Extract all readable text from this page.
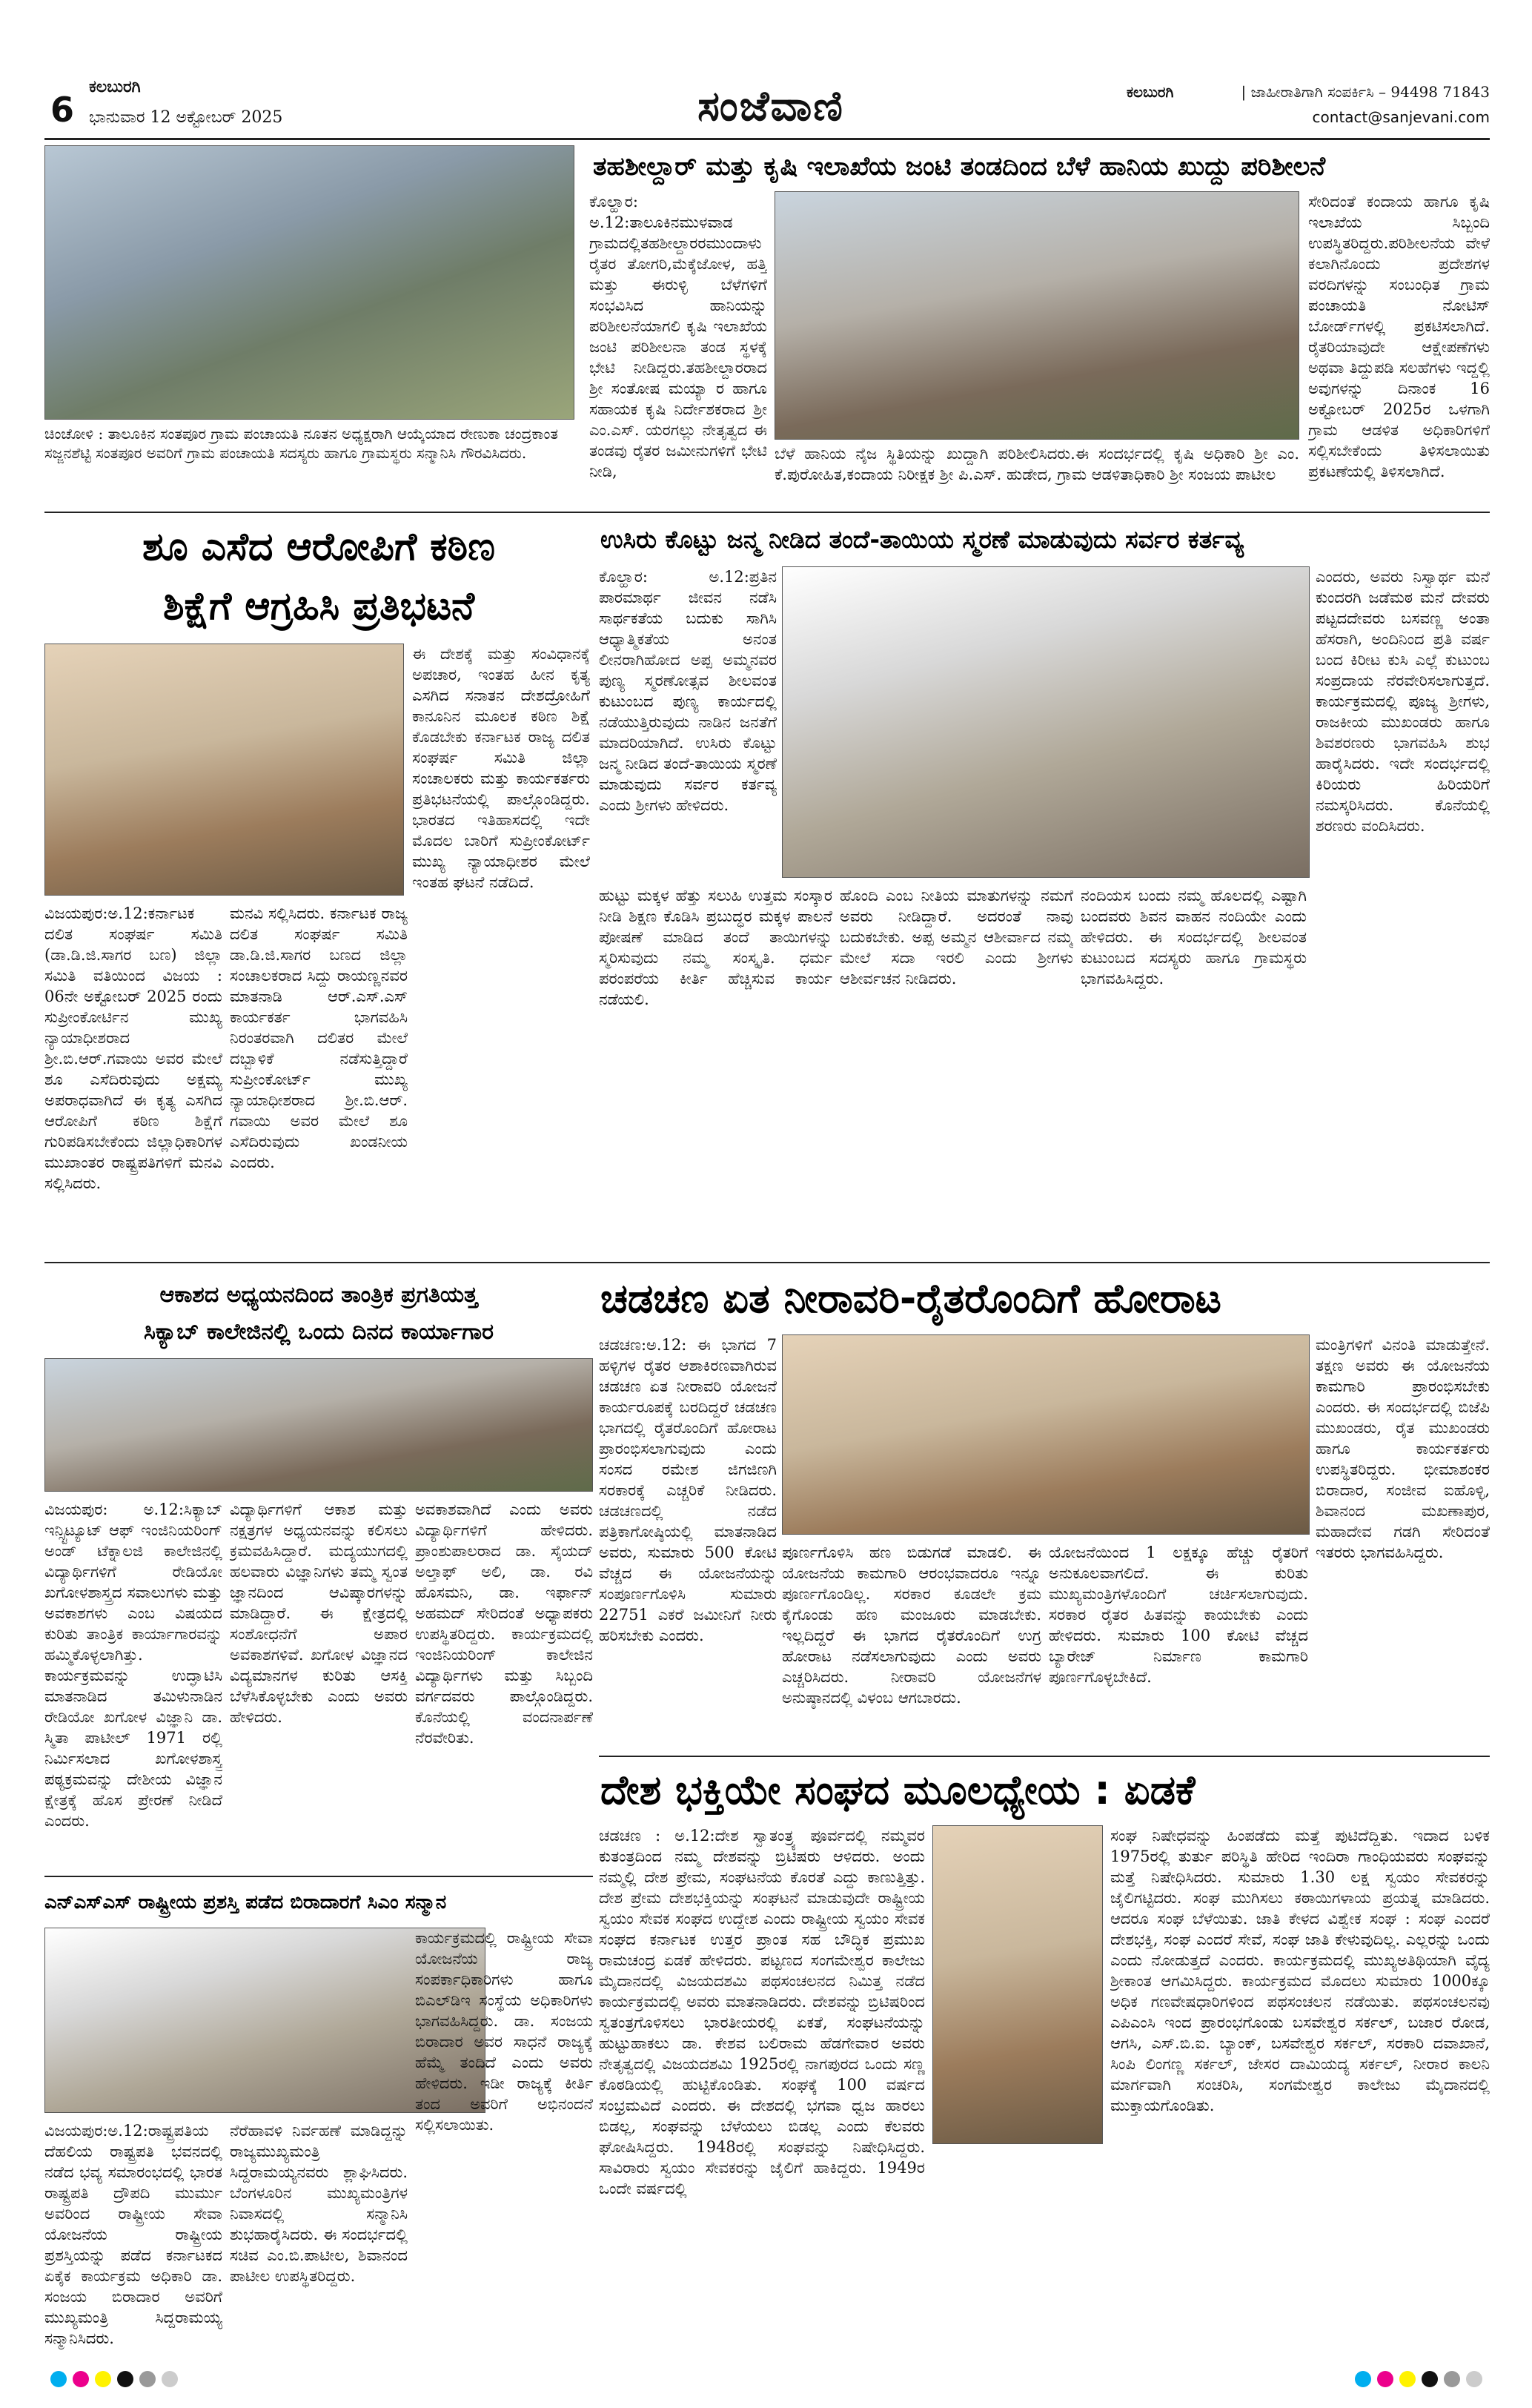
6
ಕಲಬುರಗಿ
ಭಾನುವಾರ 12 ಅಕ್ಟೋಬರ್ 2025	ಸಂಜೆವಾಣಿ	ಕಲಬುರಗಿ	| ಜಾಹೀರಾತಿಗಾಗಿ ಸಂಪರ್ಕಿಸಿ – 94498 71843
contact@sanjevani.com
ಚಿಂಚೋಳಿ : ತಾಲೂಕಿನ ಸಂತಪೂರ ಗ್ರಾಮ ಪಂಚಾಯತಿ ನೂತನ ಅಧ್ಯಕ್ಷರಾಗಿ ಆಯ್ಕೆಯಾದ ರೇಣುಕಾ ಚಂದ್ರಕಾಂತ ಸಜ್ಜನಶೆಟ್ಟಿ ಸಂತಪೂರ ಅವರಿಗೆ ಗ್ರಾಮ ಪಂಚಾಯತಿ ಸದಸ್ಯರು ಹಾಗೂ ಗ್ರಾಮಸ್ಥರು ಸನ್ಮಾನಿಸಿ ಗೌರವಿಸಿದರು.
ತಹಶೀಲ್ದಾರ್ ಮತ್ತು ಕೃಷಿ ಇಲಾಖೆಯ ಜಂಟಿ ತಂಡದಿಂದ ಬೆಳೆ ಹಾನಿಯ ಖುದ್ದು ಪರಿಶೀಲನೆ
ಕೊಲ್ಹಾರ: ಅ.12:ತಾಲೂಕಿನಮುಳವಾಡ ಗ್ರಾಮದಲ್ಲಿತಹಶೀಲ್ದಾರರಮುಂದಾಳು ರೈತರ ತೋಗರಿ,ಮೆಕ್ಕೆಜೋಳ, ಹತ್ತಿ ಮತ್ತು ಈರುಳ್ಳಿ ಬೆಳೆಗಳಿಗೆ ಸಂಭವಿಸಿದ ಹಾನಿಯನ್ನು ಪರಿಶೀಲನೆಯಾಗಲಿ ಕೃಷಿ ಇಲಾಖೆಯ ಜಂಟಿ ಪರಿಶೀಲನಾ ತಂಡ ಸ್ಥಳಕ್ಕೆ ಭೇಟಿ ನೀಡಿದ್ದರು.ತಹಶೀಲ್ದಾರರಾದ ಶ್ರೀ ಸಂತೋಷ ಮಯ್ಯಾ ರ ಹಾಗೂ ಸಹಾಯಕ ಕೃಷಿ ನಿರ್ದೇಶಕರಾದ ಶ್ರೀ ಎಂ.ಎಸ್. ಯರಗಲ್ಲು ನೇತೃತ್ವದ ಈ ತಂಡವು ರೈತರ ಜಮೀನುಗಳಿಗೆ ಭೇಟಿ ನೀಡಿ,
ಬೆಳೆ ಹಾನಿಯ ನೈಜ ಸ್ಥಿತಿಯನ್ನು ಖುದ್ದಾಗಿ ಪರಿಶೀಲಿಸಿದರು.ಈ ಸಂದರ್ಭದಲ್ಲಿ ಕೃಷಿ ಅಧಿಕಾರಿ ಶ್ರೀ ಎಂ. ಕೆ.ಪುರೋಹಿತ,ಕಂದಾಯ ನಿರೀಕ್ಷಕ ಶ್ರೀ ಪಿ.ಎಸ್. ಹುಡೇದ, ಗ್ರಾಮ ಆಡಳಿತಾಧಿಕಾರಿ ಶ್ರೀ ಸಂಜಯ ಪಾಟೀಲ
ಸೇರಿದಂತೆ ಕಂದಾಯ ಹಾಗೂ ಕೃಷಿ ಇಲಾಖೆಯ ಸಿಬ್ಬಂದಿ ಉಪಸ್ಥಿತರಿದ್ದರು.ಪರಿಶೀಲನೆಯ ವೇಳೆ ಕಲಾಗಿನೊಂದು ಪ್ರದೇಶಗಳ ವರದಿಗಳನ್ನು ಸಂಬಂಧಿತ ಗ್ರಾಮ ಪಂಚಾಯತಿ ನೋಟಿಸ್ ಬೋರ್ಡ್‌ಗಳಲ್ಲಿ ಪ್ರಕಟಿಸಲಾಗಿದೆ. ರೈತರಿಯಾವುದೇ ಆಕ್ಷೇಪಣೆಗಳು ಅಥವಾ ತಿದ್ದುಪಡಿ ಸಲಹೆಗಳು ಇದ್ದಲ್ಲಿ ಅವುಗಳನ್ನು ದಿನಾಂಕ 16 ಅಕ್ಟೋಬರ್ 2025ರ ಒಳಗಾಗಿ ಗ್ರಾಮ ಆಡಳಿತ ಅಧಿಕಾರಿಗಳಿಗೆ ಸಲ್ಲಿಸಬೇಕೆಂದು ತಿಳಿಸಲಾಯಿತು ಪ್ರಕಟಣೆಯಲ್ಲಿ ತಿಳಿಸಲಾಗಿದೆ.
ಶೂ ಎಸೆದ ಆರೋಪಿಗೆ ಕಠಿಣ
ಶಿಕ್ಷೆಗೆ ಆಗ್ರಹಿಸಿ ಪ್ರತಿಭಟನೆ
ವಿಜಯಪುರ:ಅ.12:ಕರ್ನಾಟಕ ದಲಿತ ಸಂಘರ್ಷ ಸಮಿತಿ (ಡಾ.ಡಿ.ಜಿ.ಸಾಗರ ಬಣ) ಜಿಲ್ಲಾ ಸಮಿತಿ ವತಿಯಿಂದ ವಿಜಯ : 06ನೇ ಅಕ್ಟೋಬರ್ 2025 ರಂದು ಸುಪ್ರೀಂಕೋರ್ಟಿನ ಮುಖ್ಯ ನ್ಯಾಯಾಧೀಶರಾದ ಶ್ರೀ.ಬಿ.ಆರ್.ಗವಾಯಿ ಅವರ ಮೇಲೆ ಶೂ ಎಸೆದಿರುವುದು ಅಕ್ಷಮ್ಯ ಅಪರಾಧವಾಗಿದೆ ಈ ಕೃತ್ಯ ಎಸಗಿದ ಆರೋಪಿಗೆ ಕಠಿಣ ಶಿಕ್ಷೆಗೆ ಗುರಿಪಡಿಸಬೇಕೆಂದು ಜಿಲ್ಲಾಧಿಕಾರಿಗಳ ಮುಖಾಂತರ ರಾಷ್ಟ್ರಪತಿಗಳಿಗೆ ಮನವಿ ಸಲ್ಲಿಸಿದರು.
ಮನವಿ ಸಲ್ಲಿಸಿದರು. ಕರ್ನಾಟಕ ರಾಜ್ಯ ದಲಿತ ಸಂಘರ್ಷ ಸಮಿತಿ ಡಾ.ಡಿ.ಜಿ.ಸಾಗರ ಬಣದ ಜಿಲ್ಲಾ ಸಂಚಾಲಕರಾದ ಸಿದ್ದು ರಾಯಣ್ಣನವರ ಮಾತನಾಡಿ ಆರ್.ಎಸ್.ಎಸ್ ಕಾರ್ಯಕರ್ತ ಭಾಗವಹಿಸಿ ನಿರಂತರವಾಗಿ ದಲಿತರ ಮೇಲೆ ದಬ್ಬಾಳಿಕೆ ನಡೆಸುತ್ತಿದ್ದಾರೆ ಸುಪ್ರೀಂಕೋರ್ಟ್ ಮುಖ್ಯ ನ್ಯಾಯಾಧೀಶರಾದ ಶ್ರೀ.ಬಿ.ಆರ್. ಗವಾಯಿ ಅವರ ಮೇಲೆ ಶೂ ಎಸೆದಿರುವುದು ಖಂಡನೀಯ ಎಂದರು.
ಈ ದೇಶಕ್ಕೆ ಮತ್ತು ಸಂವಿಧಾನಕ್ಕೆ ಅಪಚಾರ, ಇಂತಹ ಹೀನ ಕೃತ್ಯ ಎಸಗಿದ ಸನಾತನ ದೇಶದ್ರೋಹಿಗೆ ಕಾನೂನಿನ ಮೂಲಕ ಕಠಿಣ ಶಿಕ್ಷೆ ಕೊಡಬೇಕು ಕರ್ನಾಟಕ ರಾಜ್ಯ ದಲಿತ ಸಂಘರ್ಷ ಸಮಿತಿ ಜಿಲ್ಲಾ ಸಂಚಾಲಕರು ಮತ್ತು ಕಾರ್ಯಕರ್ತರು ಪ್ರತಿಭಟನೆಯಲ್ಲಿ ಪಾಲ್ಗೊಂಡಿದ್ದರು. ಭಾರತದ ಇತಿಹಾಸದಲ್ಲಿ ಇದೇ ಮೊದಲ ಬಾರಿಗೆ ಸುಪ್ರೀಂಕೋರ್ಟ್ ಮುಖ್ಯ ನ್ಯಾಯಾಧೀಶರ ಮೇಲೆ ಇಂತಹ ಘಟನೆ ನಡೆದಿದೆ.
ಉಸಿರು ಕೊಟ್ಟು ಜನ್ಮ ನೀಡಿದ ತಂದೆ-ತಾಯಿಯ ಸ್ಮರಣೆ ಮಾಡುವುದು ಸರ್ವರ ಕರ್ತವ್ಯ
ಕೊಲ್ಹಾರ: ಅ.12:ಪ್ರತಿನ ಪಾರಮಾರ್ಥ ಜೀವನ ನಡೆಸಿ ಸಾರ್ಥಕತೆಯ ಬದುಕು ಸಾಗಿಸಿ ಆಧ್ಯಾತ್ಮಿಕತೆಯ ಅನಂತ ಲೀನರಾಗಿಹೋದ ಅಪ್ಪ ಅಮ್ಮನವರ ಪುಣ್ಯ ಸ್ಮರಣೋತ್ಸವ ಶೀಲವಂತ ಕುಟುಂಬದ ಪುಣ್ಯ ಕಾರ್ಯದಲ್ಲಿ ನಡೆಯುತ್ತಿರುವುದು ನಾಡಿನ ಜನತೆಗೆ ಮಾದರಿಯಾಗಿದೆ. ಉಸಿರು ಕೊಟ್ಟು ಜನ್ಮ ನೀಡಿದ ತಂದೆ-ತಾಯಿಯ ಸ್ಮರಣೆ ಮಾಡುವುದು ಸರ್ವರ ಕರ್ತವ್ಯ ಎಂದು ಶ್ರೀಗಳು ಹೇಳಿದರು.
ಹುಟ್ಟು ಮಕ್ಕಳ ಹೆತ್ತು ಸಲುಹಿ ಉತ್ತಮ ಸಂಸ್ಕಾರ ನೀಡಿ ಶಿಕ್ಷಣ ಕೊಡಿಸಿ ಪ್ರಬುದ್ಧರ ಮಕ್ಕಳ ಪಾಲನೆ ಪೋಷಣೆ ಮಾಡಿದ ತಂದೆ ತಾಯಿಗಳನ್ನು ಸ್ಮರಿಸುವುದು ನಮ್ಮ ಸಂಸ್ಕೃತಿ. ಧರ್ಮ ಪರಂಪರೆಯ ಕೀರ್ತಿ ಹೆಚ್ಚಿಸುವ ಕಾರ್ಯ ನಡೆಯಲಿ.
ಹೊಂದಿ ಎಂಬ ನೀತಿಯ ಮಾತುಗಳನ್ನು ನಮಗೆ ಅವರು ನೀಡಿದ್ದಾರೆ. ಅದರಂತೆ ನಾವು ಬದುಕಬೇಕು. ಅಪ್ಪ ಅಮ್ಮನ ಆಶೀರ್ವಾದ ನಮ್ಮ ಮೇಲೆ ಸದಾ ಇರಲಿ ಎಂದು ಶ್ರೀಗಳು ಆಶೀರ್ವಚನ ನೀಡಿದರು.
ನಂದಿಯಸ ಬಂದು ನಮ್ಮ ಹೊಲದಲ್ಲಿ ಎಷ್ಟಾಗಿ ಬಂದವರು ಶಿವನ ವಾಹನ ನಂದಿಯೇ ಎಂದು ಹೇಳಿದರು. ಈ ಸಂದರ್ಭದಲ್ಲಿ ಶೀಲವಂತ ಕುಟುಂಬದ ಸದಸ್ಯರು ಹಾಗೂ ಗ್ರಾಮಸ್ಥರು ಭಾಗವಹಿಸಿದ್ದರು.
ಎಂದರು, ಅವರು ನಿಸ್ವಾರ್ಥ ಮನೆ ಕುಂದರಗಿ ಜಡೆಮಠ ಮನೆ ದೇವರು ಪಟ್ಟದದೇವರು ಬಸವಣ್ಣ ಅಂತಾ ಹೆಸರಾಗಿ, ಅಂದಿನಿಂದ ಪ್ರತಿ ವರ್ಷ ಬಂದ ಕಿರೀಟ ಕುಸಿ ಎಲ್ಲೆ ಕುಟುಂಬ ಸಂಪ್ರದಾಯ ನೆರವೇರಿಸಲಾಗುತ್ತದೆ. ಕಾರ್ಯಕ್ರಮದಲ್ಲಿ ಪೂಜ್ಯ ಶ್ರೀಗಳು, ರಾಜಕೀಯ ಮುಖಂಡರು ಹಾಗೂ ಶಿವಶರಣರು ಭಾಗವಹಿಸಿ ಶುಭ ಹಾರೈಸಿದರು. ಇದೇ ಸಂದರ್ಭದಲ್ಲಿ ಕಿರಿಯರು ಹಿರಿಯರಿಗೆ ನಮಸ್ಕರಿಸಿದರು. ಕೊನೆಯಲ್ಲಿ ಶರಣರು ವಂದಿಸಿದರು.
ಆಕಾಶದ ಅಧ್ಯಯನದಿಂದ ತಾಂತ್ರಿಕ ಪ್ರಗತಿಯತ್ತ
ಸಿಕ್ಯಾಬ್ ಕಾಲೇಜಿನಲ್ಲಿ ಒಂದು ದಿನದ ಕಾರ್ಯಾಗಾರ
ವಿಜಯಪುರ: ಅ.12:ಸಿಕ್ಯಾಬ್ ಇನ್ಸ್ಟಿಟ್ಯೂಟ್ ಆಫ್ ಇಂಜಿನಿಯರಿಂಗ್ ಅಂಡ್ ಟೆಕ್ನಾಲಜಿ ಕಾಲೇಜಿನಲ್ಲಿ ವಿದ್ಯಾರ್ಥಿಗಳಿಗೆ ರೇಡಿಯೋ ಖಗೋಳಶಾಸ್ತ್ರದ ಸವಾಲುಗಳು ಮತ್ತು ಅವಕಾಶಗಳು ಎಂಬ ವಿಷಯದ ಕುರಿತು ತಾಂತ್ರಿಕ ಕಾರ್ಯಾಗಾರವನ್ನು ಹಮ್ಮಿಕೊಳ್ಳಲಾಗಿತ್ತು. ಕಾರ್ಯಕ್ರಮವನ್ನು ಉದ್ಘಾಟಿಸಿ ಮಾತನಾಡಿದ ತಮಿಳುನಾಡಿನ ರೇಡಿಯೋ ಖಗೋಳ ವಿಜ್ಞಾನಿ ಡಾ. ಸ್ಮಿತಾ ಪಾಟೀಲ್ 1971 ರಲ್ಲಿ ನಿರ್ಮಿಸಲಾದ ಖಗೋಳಶಾಸ್ತ್ರ ಪಠ್ಯಕ್ರಮವನ್ನು ದೇಶೀಯ ವಿಜ್ಞಾನ ಕ್ಷೇತ್ರಕ್ಕೆ ಹೊಸ ಪ್ರೇರಣೆ ನೀಡಿದೆ ಎಂದರು.
ವಿದ್ಯಾರ್ಥಿಗಳಿಗೆ ಆಕಾಶ ಮತ್ತು ನಕ್ಷತ್ರಗಳ ಅಧ್ಯಯನವನ್ನು ಕಲಿಸಲು ಕ್ರಮವಹಿಸಿದ್ದಾರೆ. ಮದ್ಯಯುಗದಲ್ಲಿ ಹಲವಾರು ವಿಜ್ಞಾನಿಗಳು ತಮ್ಮ ಸ್ವಂತ ಜ್ಞಾನದಿಂದ ಆವಿಷ್ಕಾರಗಳನ್ನು ಮಾಡಿದ್ದಾರೆ. ಈ ಕ್ಷೇತ್ರದಲ್ಲಿ ಸಂಶೋಧನೆಗೆ ಅಪಾರ ಅವಕಾಶಗಳಿವೆ. ಖಗೋಳ ವಿಜ್ಞಾನದ ವಿದ್ಯಮಾನಗಳ ಕುರಿತು ಆಸಕ್ತಿ ಬೆಳೆಸಿಕೊಳ್ಳಬೇಕು ಎಂದು ಅವರು ಹೇಳಿದರು.
ಅವಕಾಶವಾಗಿದೆ ಎಂದು ಅವರು ವಿದ್ಯಾರ್ಥಿಗಳಿಗೆ ಹೇಳಿದರು. ಪ್ರಾಂಶುಪಾಲರಾದ ಡಾ. ಸೈಯದ್ ಅಲ್ತಾಫ್ ಅಲಿ, ಡಾ. ರವಿ ಹೊಸಮನಿ, ಡಾ. ಇರ್ಫಾನ್ ಅಹಮದ್ ಸೇರಿದಂತೆ ಅಧ್ಯಾಪಕರು ಉಪಸ್ಥಿತರಿದ್ದರು. ಕಾರ್ಯಕ್ರಮದಲ್ಲಿ ಇಂಜಿನಿಯರಿಂಗ್ ಕಾಲೇಜಿನ ವಿದ್ಯಾರ್ಥಿಗಳು ಮತ್ತು ಸಿಬ್ಬಂದಿ ವರ್ಗದವರು ಪಾಲ್ಗೊಂಡಿದ್ದರು. ಕೊನೆಯಲ್ಲಿ ವಂದನಾರ್ಪಣೆ ನೆರವೇರಿತು.
ಚಡಚಣ ಏತ ನೀರಾವರಿ-ರೈತರೊಂದಿಗೆ ಹೋರಾಟ
ಚಡಚಣ:ಅ.12: ಈ ಭಾಗದ 7 ಹಳ್ಳಿಗಳ ರೈತರ ಆಶಾಕಿರಣವಾಗಿರುವ ಚಡಚಣ ಏತ ನೀರಾವರಿ ಯೋಜನೆ ಕಾರ್ಯರೂಪಕ್ಕೆ ಬರದಿದ್ದರೆ ಚಡಚಣ ಭಾಗದಲ್ಲಿ ರೈತರೊಂದಿಗೆ ಹೋರಾಟ ಪ್ರಾರಂಭಿಸಲಾಗುವುದು ಎಂದು ಸಂಸದ ರಮೇಶ ಜಿಗಜಿಣಗಿ ಸರಕಾರಕ್ಕೆ ಎಚ್ಚರಿಕೆ ನೀಡಿದರು. ಚಡಚಣದಲ್ಲಿ ನಡೆದ ಪತ್ರಿಕಾಗೋಷ್ಠಿಯಲ್ಲಿ ಮಾತನಾಡಿದ ಅವರು, ಸುಮಾರು 500 ಕೋಟಿ ವೆಚ್ಚದ ಈ ಯೋಜನೆಯನ್ನು ಸಂಪೂರ್ಣಗೊಳಿಸಿ ಸುಮಾರು 22751 ಎಕರೆ ಜಮೀನಿಗೆ ನೀರು ಹರಿಸಬೇಕು ಎಂದರು.
ಪೂರ್ಣಗೊಳಿಸಿ ಹಣ ಬಿಡುಗಡೆ ಮಾಡಲಿ. ಈ ಯೋಜನೆಯ ಕಾಮಗಾರಿ ಆರಂಭವಾದರೂ ಇನ್ನೂ ಪೂರ್ಣಗೊಂಡಿಲ್ಲ. ಸರಕಾರ ಕೂಡಲೇ ಕ್ರಮ ಕೈಗೊಂಡು ಹಣ ಮಂಜೂರು ಮಾಡಬೇಕು. ಇಲ್ಲದಿದ್ದರೆ ಈ ಭಾಗದ ರೈತರೊಂದಿಗೆ ಉಗ್ರ ಹೋರಾಟ ನಡೆಸಲಾಗುವುದು ಎಂದು ಅವರು ಎಚ್ಚರಿಸಿದರು. ನೀರಾವರಿ ಯೋಜನೆಗಳ ಅನುಷ್ಠಾನದಲ್ಲಿ ವಿಳಂಬ ಆಗಬಾರದು.
ಯೋಜನೆಯಿಂದ 1 ಲಕ್ಷಕ್ಕೂ ಹೆಚ್ಚು ರೈತರಿಗೆ ಅನುಕೂಲವಾಗಲಿದೆ. ಈ ಕುರಿತು ಮುಖ್ಯಮಂತ್ರಿಗಳೊಂದಿಗೆ ಚರ್ಚಿಸಲಾಗುವುದು. ಸರಕಾರ ರೈತರ ಹಿತವನ್ನು ಕಾಯಬೇಕು ಎಂದು ಹೇಳಿದರು. ಸುಮಾರು 100 ಕೋಟಿ ವೆಚ್ಚದ ಬ್ಯಾರೇಜ್ ನಿರ್ಮಾಣ ಕಾಮಗಾರಿ ಪೂರ್ಣಗೊಳ್ಳಬೇಕಿದೆ.
ಮಂತ್ರಿಗಳಿಗೆ ವಿನಂತಿ ಮಾಡುತ್ತೇನೆ. ತಕ್ಷಣ ಅವರು ಈ ಯೋಜನೆಯ ಕಾಮಗಾರಿ ಪ್ರಾರಂಭಿಸಬೇಕು ಎಂದರು. ಈ ಸಂದರ್ಭದಲ್ಲಿ ಬಿಜೆಪಿ ಮುಖಂಡರು, ರೈತ ಮುಖಂಡರು ಹಾಗೂ ಕಾರ್ಯಕರ್ತರು ಉಪಸ್ಥಿತರಿದ್ದರು. ಭೀಮಾಶಂಕರ ಬಿರಾದಾರ, ಸಂಜೀವ ಐಹೊಳ್ಳಿ, ಶಿವಾನಂದ ಮಖಣಾಪುರ, ಮಹಾದೇವ ಗಡಗಿ ಸೇರಿದಂತೆ ಇತರರು ಭಾಗವಹಿಸಿದ್ದರು.
ದೇಶ ಭಕ್ತಿಯೇ ಸಂಘದ ಮೂಲಧ್ಯೇಯ : ಏಡಕೆ
ಚಡಚಣ : ಅ.12:ದೇಶ ಸ್ವಾತಂತ್ರ್ಯ ಪೂರ್ವದಲ್ಲಿ ನಮ್ಮವರ ಕುತಂತ್ರದಿಂದ ನಮ್ಮ ದೇಶವನ್ನು ಬ್ರಿಟಿಷರು ಆಳಿದರು. ಅಂದು ನಮ್ಮಲ್ಲಿ ದೇಶ ಪ್ರೇಮ, ಸಂಘಟನೆಯ ಕೊರತೆ ಎದ್ದು ಕಾಣುತ್ತಿತ್ತು. ದೇಶ ಪ್ರೇಮ ದೇಶಭಕ್ತಿಯನ್ನು ಸಂಘಟನೆ ಮಾಡುವುದೇ ರಾಷ್ಟ್ರೀಯ ಸ್ವಯಂ ಸೇವಕ ಸಂಘದ ಉದ್ದೇಶ ಎಂದು ರಾಷ್ಟ್ರೀಯ ಸ್ವಯಂ ಸೇವಕ ಸಂಘದ ಕರ್ನಾಟಕ ಉತ್ತರ ಪ್ರಾಂತ ಸಹ ಬೌದ್ಧಿಕ ಪ್ರಮುಖ ರಾಮಚಂದ್ರ ಏಡಕೆ ಹೇಳಿದರು. ಪಟ್ಟಣದ ಸಂಗಮೇಶ್ವರ ಕಾಲೇಜು ಮೈದಾನದಲ್ಲಿ ವಿಜಯದಶಮಿ ಪಥಸಂಚಲನದ ನಿಮಿತ್ತ ನಡೆದ ಕಾರ್ಯಕ್ರಮದಲ್ಲಿ ಅವರು ಮಾತನಾಡಿದರು. ದೇಶವನ್ನು ಬ್ರಿಟಿಷರಿಂದ ಸ್ವತಂತ್ರಗೊಳಿಸಲು ಭಾರತೀಯರಲ್ಲಿ ಏಕತೆ, ಸಂಘಟನೆಯನ್ನು ಹುಟ್ಟುಹಾಕಲು ಡಾ. ಕೇಶವ ಬಲಿರಾಮ ಹೆಡಗೇವಾರ ಅವರು ನೇತೃತ್ವದಲ್ಲಿ ವಿಜಯದಶಮಿ 1925ರಲ್ಲಿ ನಾಗಪುರದ ಒಂದು ಸಣ್ಣ ಕೊಠಡಿಯಲ್ಲಿ ಹುಟ್ಟಿಕೊಂಡಿತು. ಸಂಘಕ್ಕೆ 100 ವರ್ಷದ ಸಂಭ್ರಮವಿದೆ ಎಂದರು. ಈ ದೇಶದಲ್ಲಿ ಭಗವಾ ಧ್ವಜ ಹಾರಲು ಬಿಡಲ್ಲ, ಸಂಘವನ್ನು ಬೆಳೆಯಲು ಬಿಡಲ್ಲ ಎಂದು ಕೆಲವರು ಘೋಷಿಸಿದ್ದರು. 1948ರಲ್ಲಿ ಸಂಘವನ್ನು ನಿಷೇಧಿಸಿದ್ದರು. ಸಾವಿರಾರು ಸ್ವಯಂ ಸೇವಕರನ್ನು ಜೈಲಿಗೆ ಹಾಕಿದ್ದರು. 1949ರ ಒಂದೇ ವರ್ಷದಲ್ಲಿ
ಸಂಘ ನಿಷೇಧವನ್ನು ಹಿಂಪಡೆದು ಮತ್ತೆ ಪುಟಿದೆದ್ದಿತು. ಇದಾದ ಬಳಿಕ 1975ರಲ್ಲಿ ತುರ್ತು ಪರಿಸ್ಥಿತಿ ಹೇರಿದ ಇಂದಿರಾ ಗಾಂಧಿಯವರು ಸಂಘವನ್ನು ಮತ್ತೆ ನಿಷೇಧಿಸಿದರು. ಸುಮಾರು 1.30 ಲಕ್ಷ ಸ್ವಯಂ ಸೇವಕರನ್ನು ಜೈಲಿಗಟ್ಟಿದರು. ಸಂಘ ಮುಗಿಸಲು ಕಠಾಯಿಗಳಾಯ ಪ್ರಯತ್ನ ಮಾಡಿದರು. ಆದರೂ ಸಂಘ ಬೆಳೆಯಿತು. ಜಾತಿ ಕೇಳದ ವಿಶ್ವೇಕ ಸಂಘ : ಸಂಘ ಎಂದರೆ ದೇಶಭಕ್ತಿ, ಸಂಘ ಎಂದರೆ ಸೇವೆ, ಸಂಘ ಜಾತಿ ಕೇಳುವುದಿಲ್ಲ. ಎಲ್ಲರನ್ನು ಒಂದು ಎಂದು ನೋಡುತ್ತದೆ ಎಂದರು. ಕಾರ್ಯಕ್ರಮದಲ್ಲಿ ಮುಖ್ಯಅತಿಥಿಯಾಗಿ ವೈದ್ಯ ಶ್ರೀಕಾಂತ ಆಗಮಿಸಿದ್ದರು. ಕಾರ್ಯಕ್ರಮದ ಮೊದಲು ಸುಮಾರು 1000ಕ್ಕೂ ಅಧಿಕ ಗಣವೇಷಧಾರಿಗಳಿಂದ ಪಥಸಂಚಲನ ನಡೆಯಿತು. ಪಥಸಂಚಲನವು ಎಪಿಎಂಸಿ ಇಂದ ಪ್ರಾರಂಭಗೊಂಡು ಬಸವೇಶ್ವರ ಸರ್ಕಲ್, ಬಜಾರ ರೋಡ, ಆಗಸಿ, ಎಸ್.ಬಿ.ಐ. ಬ್ಯಾಂಕ್, ಬಸವೇಶ್ವರ ಸರ್ಕಲ್, ಸರಕಾರಿ ದವಾಖಾನೆ, ಸಿಂಪಿ ಲಿಂಗಣ್ಣ ಸರ್ಕಲ್, ಜೇಸರ ದಾಮಿಯದ್ಯ ಸರ್ಕಲ್, ನೀರಾರ ಕಾಲನಿ ಮಾರ್ಗವಾಗಿ ಸಂಚರಿಸಿ, ಸಂಗಮೇಶ್ವರ ಕಾಲೇಜು ಮೈದಾನದಲ್ಲಿ ಮುಕ್ತಾಯಗೊಂಡಿತು.
ಎನ್‌ಎಸ್‌ಎಸ್ ರಾಷ್ಟ್ರೀಯ ಪ್ರಶಸ್ತಿ ಪಡೆದ ಬಿರಾದಾರಗೆ ಸಿಎಂ ಸನ್ಮಾನ
ವಿಜಯಪುರ:ಅ.12:ರಾಷ್ಟ್ರಪತಿಯ ದೆಹಲಿಯ ರಾಷ್ಟ್ರಪತಿ ಭವನದಲ್ಲಿ ನಡೆದ ಭವ್ಯ ಸಮಾರಂಭದಲ್ಲಿ ಭಾರತ ರಾಷ್ಟ್ರಪತಿ ದ್ರೌಪದಿ ಮುರ್ಮು ಅವರಿಂದ ರಾಷ್ಟ್ರೀಯ ಸೇವಾ ಯೋಜನೆಯ ರಾಷ್ಟ್ರೀಯ ಪ್ರಶಸ್ತಿಯನ್ನು ಪಡೆದ ಕರ್ನಾಟಕದ ಏಕೈಕ ಕಾರ್ಯಕ್ರಮ ಅಧಿಕಾರಿ ಡಾ. ಸಂಜಯ ಬಿರಾದಾರ ಅವರಿಗೆ ಮುಖ್ಯಮಂತ್ರಿ ಸಿದ್ದರಾಮಯ್ಯ ಸನ್ಮಾನಿಸಿದರು.
ನೆರೆಹಾವಳಿ ನಿರ್ವಹಣೆ ಮಾಡಿದ್ದನ್ನು ರಾಜ್ಯಮುಖ್ಯಮಂತ್ರಿ ಸಿದ್ದರಾಮಯ್ಯನವರು ಶ್ಲಾಘಿಸಿದರು. ಬೆಂಗಳೂರಿನ ಮುಖ್ಯಮಂತ್ರಿಗಳ ನಿವಾಸದಲ್ಲಿ ಸನ್ಮಾನಿಸಿ ಶುಭಹಾರೈಸಿದರು. ಈ ಸಂದರ್ಭದಲ್ಲಿ ಸಚಿವ ಎಂ.ಬಿ.ಪಾಟೀಲ, ಶಿವಾನಂದ ಪಾಟೀಲ ಉಪಸ್ಥಿತರಿದ್ದರು.
ಕಾರ್ಯಕ್ರಮದಲ್ಲಿ ರಾಷ್ಟ್ರೀಯ ಸೇವಾ ಯೋಜನೆಯ ರಾಜ್ಯ ಸಂಪರ್ಕಾಧಿಕಾರಿಗಳು ಹಾಗೂ ಬಿಎಲ್‌ಡಿಇ ಸಂಸ್ಥೆಯ ಅಧಿಕಾರಿಗಳು ಭಾಗವಹಿಸಿದ್ದರು. ಡಾ. ಸಂಜಯ ಬಿರಾದಾರ ಅವರ ಸಾಧನೆ ರಾಜ್ಯಕ್ಕೆ ಹೆಮ್ಮೆ ತಂದಿದೆ ಎಂದು ಅವರು ಹೇಳಿದರು. ಇಡೀ ರಾಜ್ಯಕ್ಕೆ ಕೀರ್ತಿ ತಂದ ಅವರಿಗೆ ಅಭಿನಂದನೆ ಸಲ್ಲಿಸಲಾಯಿತು.
